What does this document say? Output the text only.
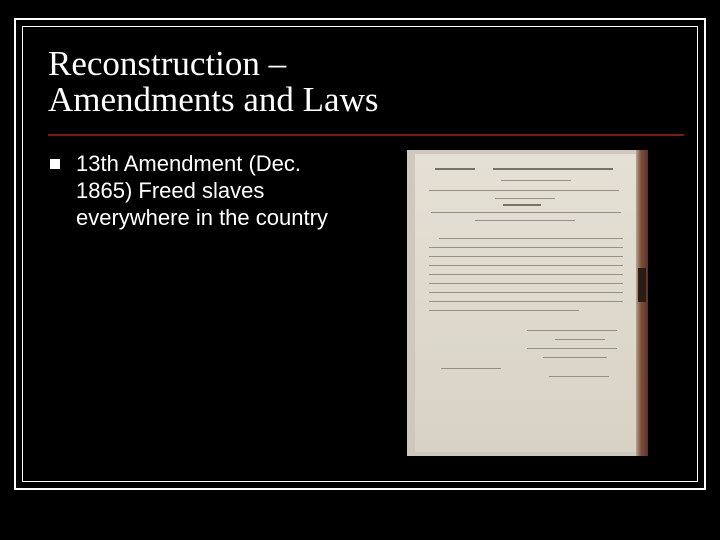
Reconstruction –
Amendments and Laws
13th Amendment (Dec. 1865) Freed slaves everywhere in the country
